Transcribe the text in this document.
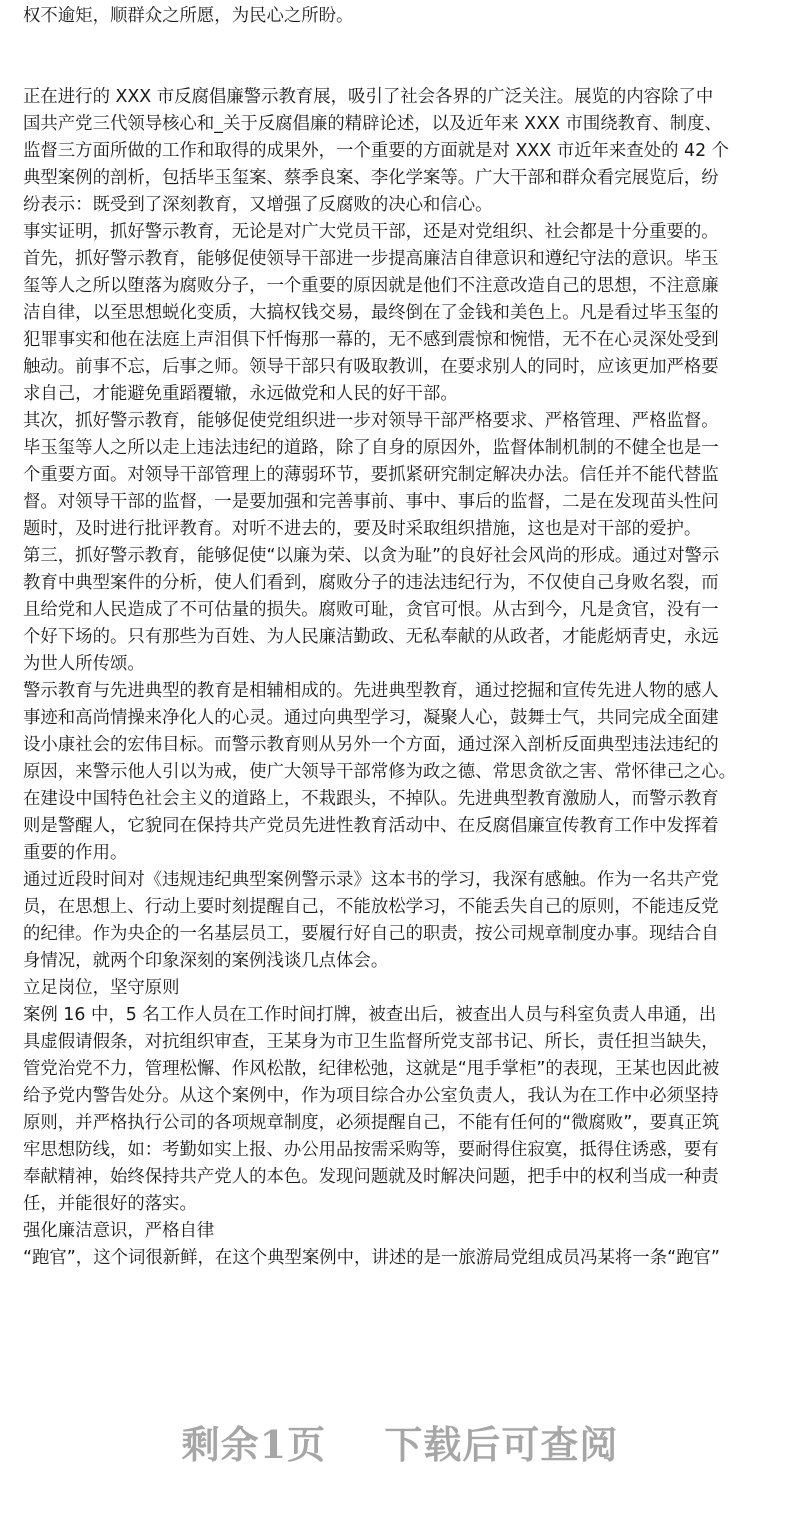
权不逾矩，顺群众之所愿，为民心之所盼。
正在进行的 XXX 市反腐倡廉警示教育展，吸引了社会各界的广泛关注。展览的内容除了中
国共产党三代领导核心和_关于反腐倡廉的精辟论述，以及近年来 XXX 市围绕教育、制度、
监督三方面所做的工作和取得的成果外，一个重要的方面就是对 XXX 市近年来查处的 42 个
典型案例的剖析，包括毕玉玺案、蔡季良案、李化学案等。广大干部和群众看完展览后，纷
纷表示：既受到了深刻教育，又增强了反腐败的决心和信心。
事实证明，抓好警示教育，无论是对广大党员干部，还是对党组织、社会都是十分重要的。
首先，抓好警示教育，能够促使领导干部进一步提高廉洁自律意识和遵纪守法的意识。毕玉
玺等人之所以堕落为腐败分子，一个重要的原因就是他们不注意改造自己的思想，不注意廉
洁自律，以至思想蜕化变质，大搞权钱交易，最终倒在了金钱和美色上。凡是看过毕玉玺的
犯罪事实和他在法庭上声泪俱下忏悔那一幕的，无不感到震惊和惋惜，无不在心灵深处受到
触动。前事不忘，后事之师。领导干部只有吸取教训，在要求别人的同时，应该更加严格要
求自己，才能避免重蹈覆辙，永远做党和人民的好干部。
其次，抓好警示教育，能够促使党组织进一步对领导干部严格要求、严格管理、严格监督。
毕玉玺等人之所以走上违法违纪的道路，除了自身的原因外，监督体制机制的不健全也是一
个重要方面。对领导干部管理上的薄弱环节，要抓紧研究制定解决办法。信任并不能代替监
督。对领导干部的监督，一是要加强和完善事前、事中、事后的监督，二是在发现苗头性问
题时，及时进行批评教育。对听不进去的，要及时采取组织措施，这也是对干部的爱护。
第三，抓好警示教育，能够促使“以廉为荣、以贪为耻”的良好社会风尚的形成。通过对警示
教育中典型案件的分析，使人们看到，腐败分子的违法违纪行为，不仅使自己身败名裂，而
且给党和人民造成了不可估量的损失。腐败可耻，贪官可恨。从古到今，凡是贪官，没有一
个好下场的。只有那些为百姓、为人民廉洁勤政、无私奉献的从政者，才能彪炳青史，永远
为世人所传颂。
警示教育与先进典型的教育是相辅相成的。先进典型教育，通过挖掘和宣传先进人物的感人
事迹和高尚情操来净化人的心灵。通过向典型学习，凝聚人心，鼓舞士气，共同完成全面建
设小康社会的宏伟目标。而警示教育则从另外一个方面，通过深入剖析反面典型违法违纪的
原因，来警示他人引以为戒，使广大领导干部常修为政之德、常思贪欲之害、常怀律己之心。
在建设中国特色社会主义的道路上，不栽跟头，不掉队。先进典型教育激励人，而警示教育
则是警醒人，它貌同在保持共产党员先进性教育活动中、在反腐倡廉宣传教育工作中发挥着
重要的作用。
通过近段时间对《违规违纪典型案例警示录》这本书的学习，我深有感触。作为一名共产党
员，在思想上、行动上要时刻提醒自己，不能放松学习，不能丢失自己的原则，不能违反党
的纪律。作为央企的一名基层员工，要履行好自己的职责，按公司规章制度办事。现结合自
身情况，就两个印象深刻的案例浅谈几点体会。
立足岗位，坚守原则
案例 16 中，5 名工作人员在工作时间打牌，被查出后，被查出人员与科室负责人串通，出
具虚假请假条，对抗组织审查，王某身为市卫生监督所党支部书记、所长，责任担当缺失，
管党治党不力，管理松懈、作风松散，纪律松弛，这就是“甩手掌柜”的表现，王某也因此被
给予党内警告处分。从这个案例中，作为项目综合办公室负责人，我认为在工作中必须坚持
原则，并严格执行公司的各项规章制度，必须提醒自己，不能有任何的“微腐败”，要真正筑
牢思想防线，如：考勤如实上报、办公用品按需采购等，要耐得住寂寞，抵得住诱惑，要有
奉献精神，始终保持共产党人的本色。发现问题就及时解决问题，把手中的权利当成一种责
任，并能很好的落实。
强化廉洁意识，严格自律
“跑官”，这个词很新鲜，在这个典型案例中，讲述的是一旅游局党组成员冯某将一条“跑官”
剩余1页 下载后可查阅
